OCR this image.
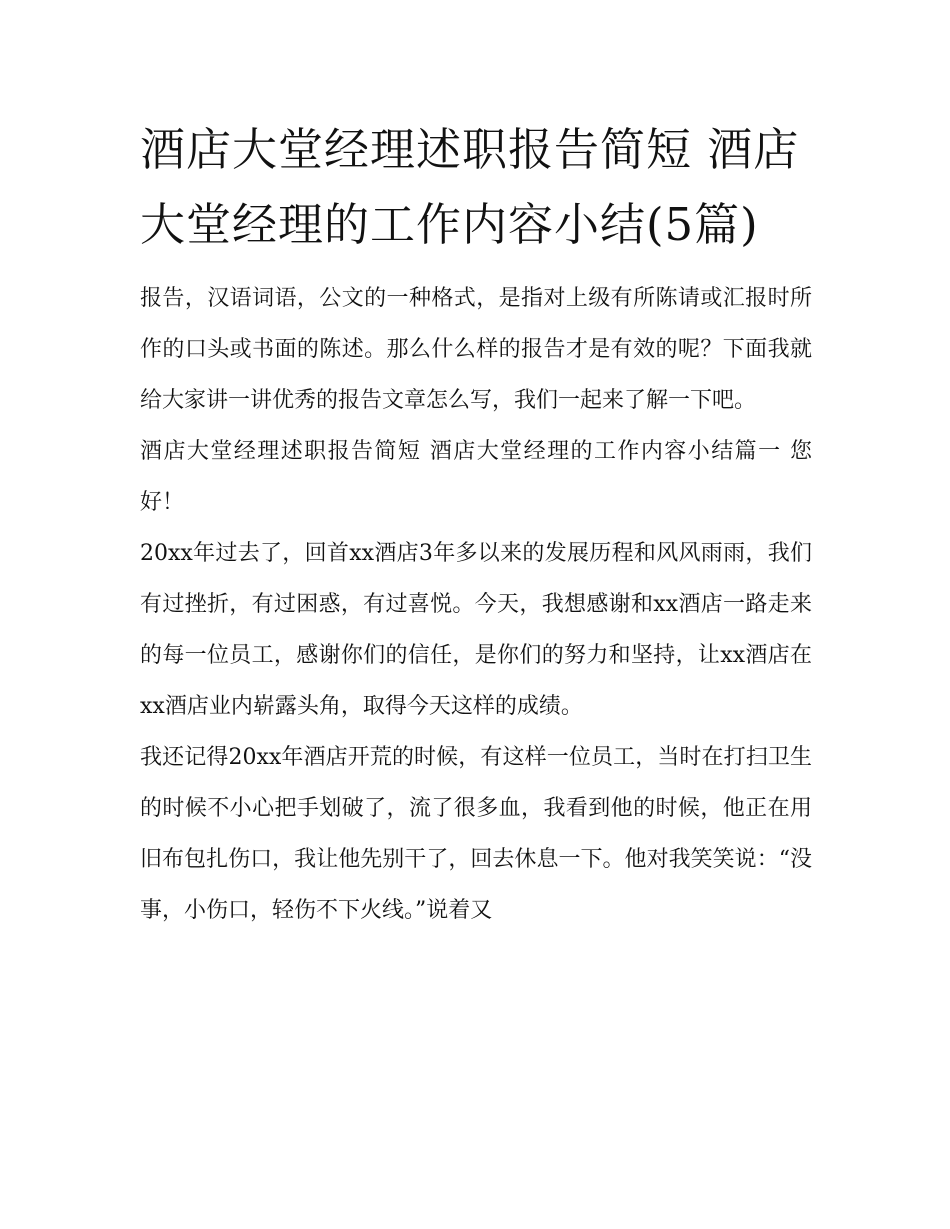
酒店大堂经理述职报告简短 酒店大堂经理的工作内容小结(5篇)

报告，汉语词语，公文的一种格式，是指对上级有所陈请或汇报时所作的口头或书面的陈述。那么什么样的报告才是有效的呢？下面我就给大家讲一讲优秀的报告文章怎么写，我们一起来了解一下吧。

酒店大堂经理述职报告简短 酒店大堂经理的工作内容小结篇一 您好！

20xx年过去了，回首xx酒店3年多以来的发展历程和风风雨雨，我们有过挫折，有过困惑，有过喜悦。今天，我想感谢和xx酒店一路走来的每一位员工，感谢你们的信任，是你们的努力和坚持，让xx酒店在xx酒店业内崭露头角，取得今天这样的成绩。

我还记得20xx年酒店开荒的时候，有这样一位员工，当时在打扫卫生的时候不小心把手划破了，流了很多血，我看到他的时候，他正在用旧布包扎伤口，我让他先别干了，回去休息一下。他对我笑笑说：“没事，小伤口，轻伤不下火线。”说着又
